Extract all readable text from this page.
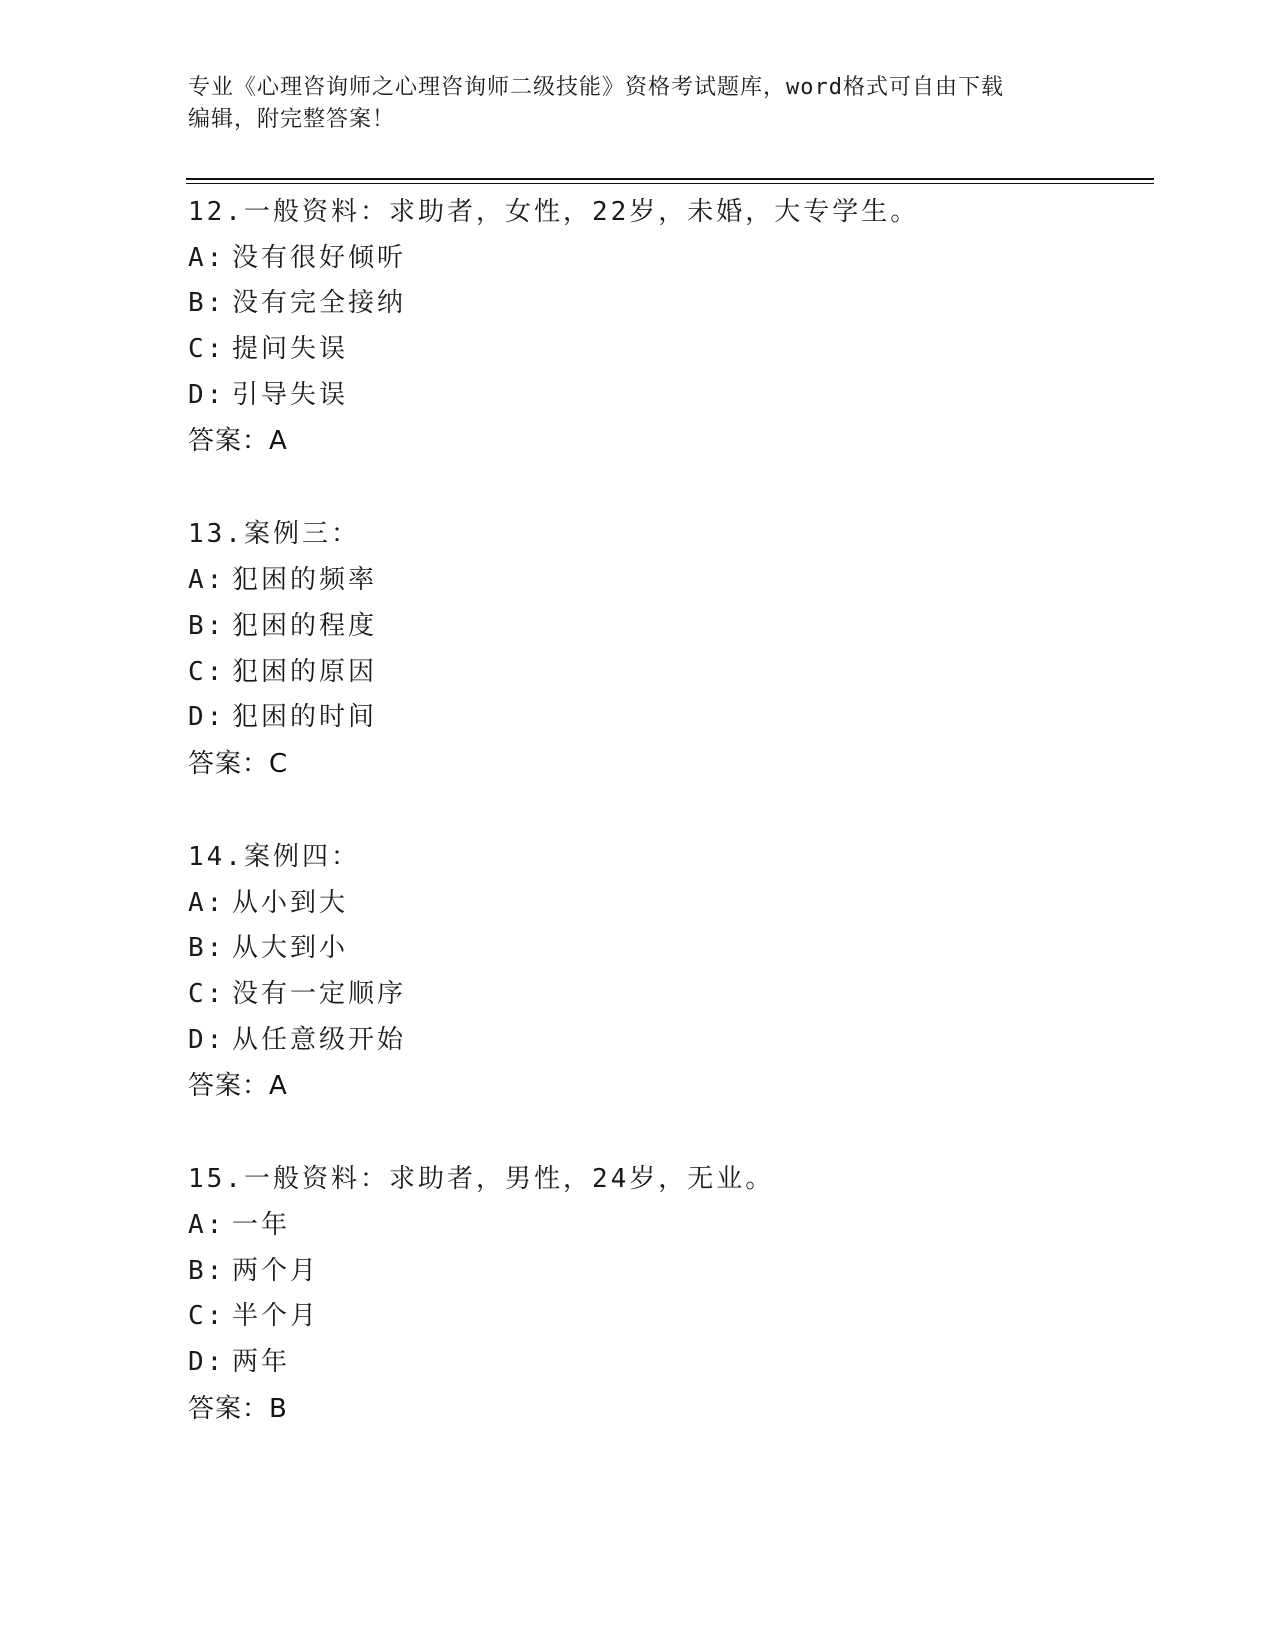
专业《心理咨询师之心理咨询师二级技能》资格考试题库，word格式可自由下载

编辑，附完整答案！

12.一般资料：求助者，女性，22岁，未婚，大专学生。
A: 没有很好倾听
B: 没有完全接纳
C: 提问失误
D: 引导失误
答案：A
13.案例三：
A: 犯困的频率
B: 犯困的程度
C: 犯困的原因
D: 犯困的时间
答案：C
14.案例四：
A: 从小到大
B: 从大到小
C: 没有一定顺序
D: 从任意级开始
答案：A
15.一般资料：求助者，男性，24岁，无业。
A: 一年
B: 两个月
C: 半个月
D: 两年
答案：B
